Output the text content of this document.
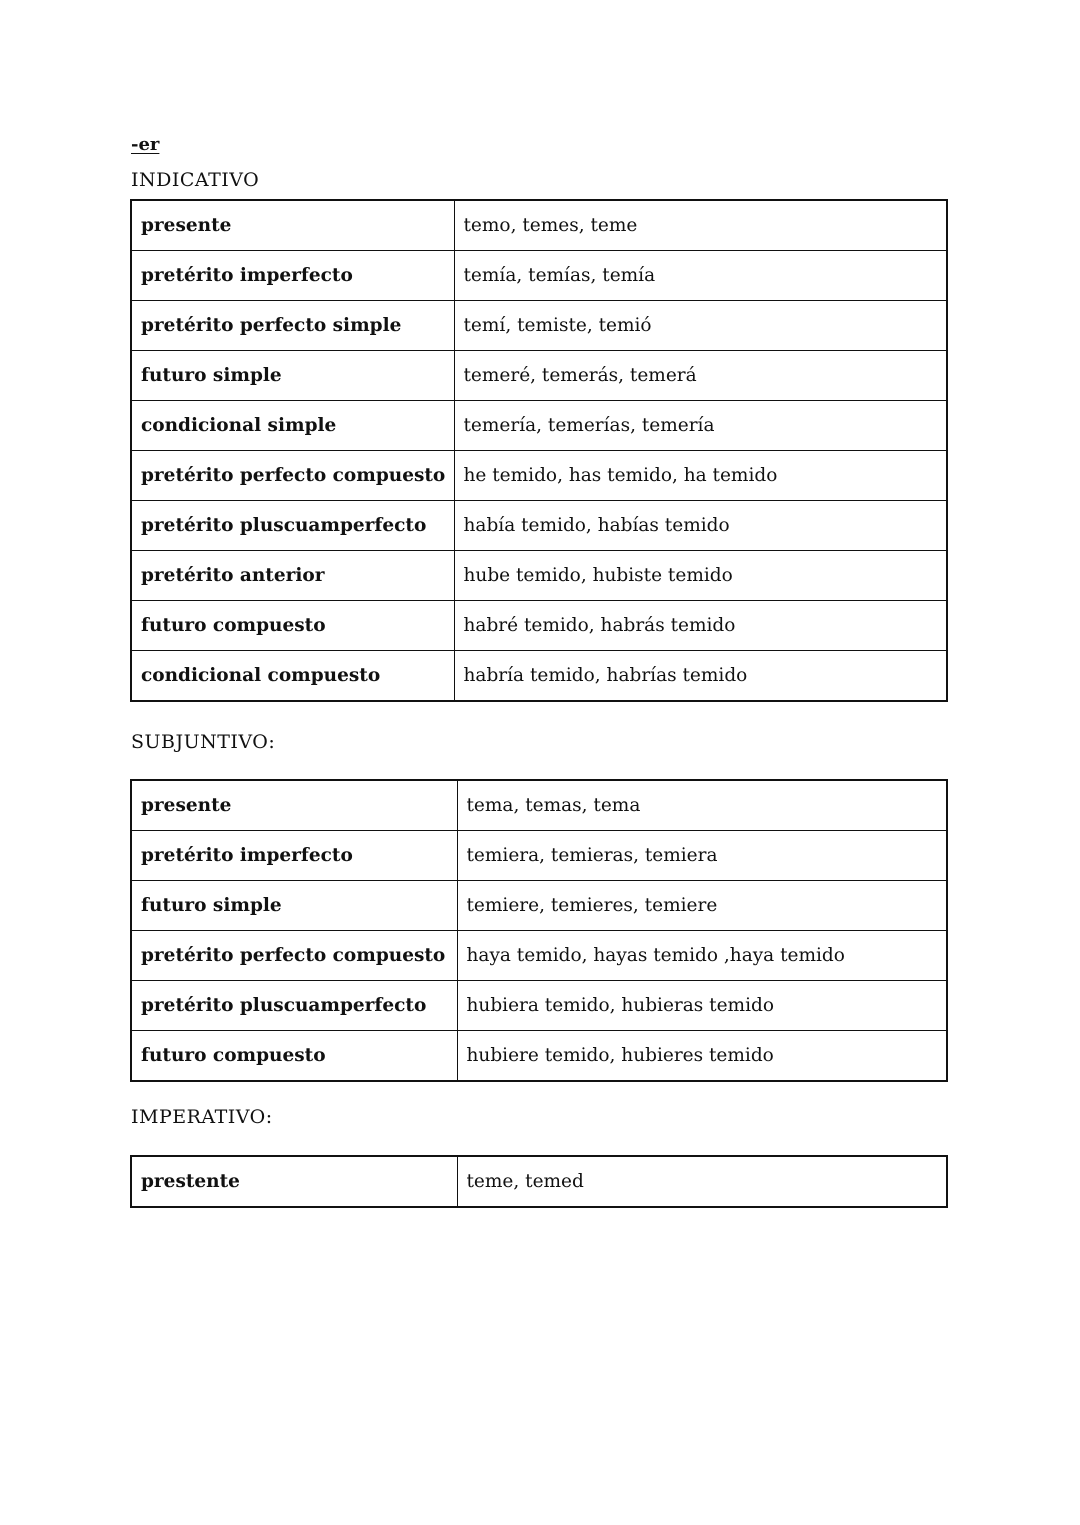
-er
INDICATIVO
presente	temo, temes, teme
pretérito imperfecto	temía, temías, temía
pretérito perfecto simple	temí, temiste, temió
futuro simple	temeré, temerás, temerá
condicional simple	temería, temerías, temería
pretérito perfecto compuesto	he temido, has temido, ha temido
pretérito pluscuamperfecto	había temido, habías temido
pretérito anterior	hube temido, hubiste temido
futuro compuesto	habré temido, habrás temido
condicional compuesto	habría temido, habrías temido
SUBJUNTIVO:
presente	tema, temas, tema
pretérito imperfecto	temiera, temieras, temiera
futuro simple	temiere, temieres, temiere
pretérito perfecto compuesto	haya temido, hayas temido ,haya temido
pretérito pluscuamperfecto	hubiera temido, hubieras temido
futuro compuesto	hubiere temido, hubieres temido
IMPERATIVO:
prestente	teme, temed
